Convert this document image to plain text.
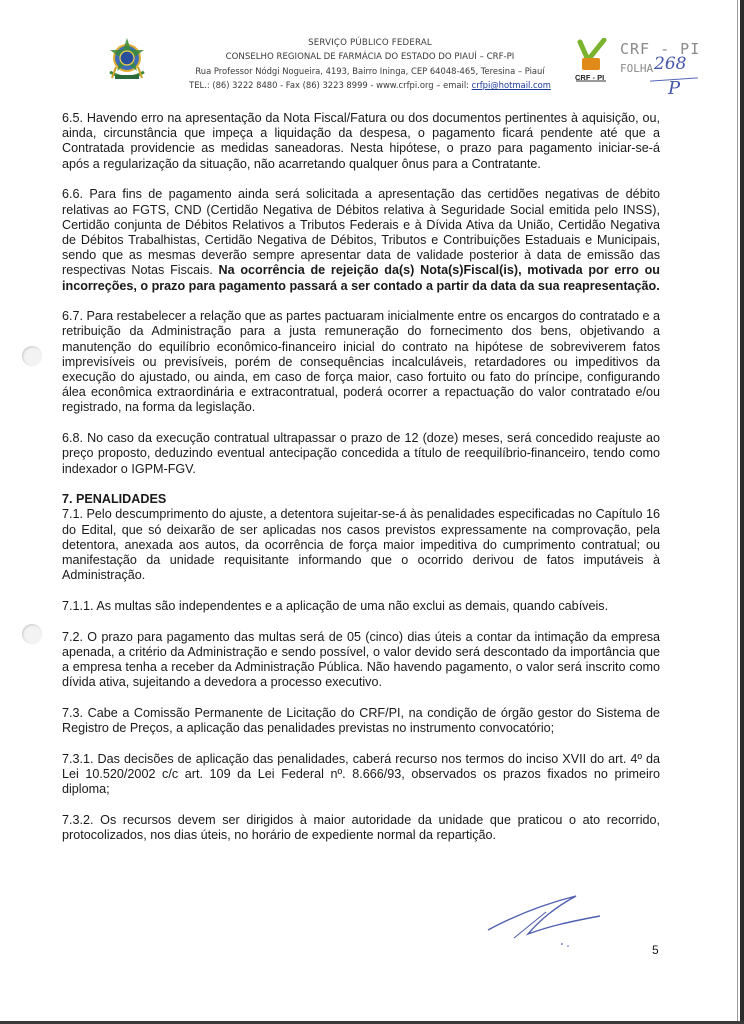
SERVIÇO PÚBLICO FEDERAL
CONSELHO REGIONAL DE FARMÁCIA DO ESTADO DO PIAUÍ – CRF-PI
Rua Professor Nódgi Nogueira, 4193, Bairro Ininga, CEP 64048-465, Teresina – Piauí
TEL.: (86) 3222 8480 - Fax (86) 3223 8999 - www.crfpi.org – email: crfpi@hotmail.com
CRF - PI
CRF - PI
FOLHA 268
P

6.5. Havendo erro na apresentação da Nota Fiscal/Fatura ou dos documentos pertinentes à aquisição, ou, ainda, circunstância que impeça a liquidação da despesa, o pagamento ficará pendente até que a Contratada providencie as medidas saneadoras. Nesta hipótese, o prazo para pagamento iniciar-se-á após a regularização da situação, não acarretando qualquer ônus para a Contratante.

6.6. Para fins de pagamento ainda será solicitada a apresentação das certidões negativas de débito relativas ao FGTS, CND (Certidão Negativa de Débitos relativa à Seguridade Social emitida pelo INSS), Certidão conjunta de Débitos Relativos a Tributos Federais e à Dívida Ativa da União, Certidão Negativa de Débitos Trabalhistas, Certidão Negativa de Débitos, Tributos e Contribuições Estaduais e Municipais, sendo que as mesmas deverão sempre apresentar data de validade posterior à data de emissão das respectivas Notas Fiscais. Na ocorrência de rejeição da(s) Nota(s)Fiscal(is), motivada por erro ou incorreções, o prazo para pagamento passará a ser contado a partir da data da sua reapresentação.

6.7. Para restabelecer a relação que as partes pactuaram inicialmente entre os encargos do contratado e a retribuição da Administração para a justa remuneração do fornecimento dos bens, objetivando a manutenção do equilíbrio econômico-financeiro inicial do contrato na hipótese de sobreviverem fatos imprevisíveis ou previsíveis, porém de consequências incalculáveis, retardadores ou impeditivos da execução do ajustado, ou ainda, em caso de força maior, caso fortuito ou fato do príncipe, configurando álea econômica extraordinária e extracontratual, poderá ocorrer a repactuação do valor contratado e/ou registrado, na forma da legislação.

6.8. No caso da execução contratual ultrapassar o prazo de 12 (doze) meses, será concedido reajuste ao preço proposto, deduzindo eventual antecipação concedida a título de reequilíbrio-financeiro, tendo como indexador o IGPM-FGV.

7. PENALIDADES

7.1. Pelo descumprimento do ajuste, a detentora sujeitar-se-á às penalidades especificadas no Capítulo 16 do Edital, que só deixarão de ser aplicadas nos casos previstos expressamente na comprovação, pela detentora, anexada aos autos, da ocorrência de força maior impeditiva do cumprimento contratual; ou manifestação da unidade requisitante informando que o ocorrido derivou de fatos imputáveis à Administração.

7.1.1. As multas são independentes e a aplicação de uma não exclui as demais, quando cabíveis.

7.2. O prazo para pagamento das multas será de 05 (cinco) dias úteis a contar da intimação da empresa apenada, a critério da Administração e sendo possível, o valor devido será descontado da importância que a empresa tenha a receber da Administração Pública. Não havendo pagamento, o valor será inscrito como dívida ativa, sujeitando a devedora a processo executivo.

7.3. Cabe a Comissão Permanente de Licitação do CRF/PI, na condição de órgão gestor do Sistema de Registro de Preços, a aplicação das penalidades previstas no instrumento convocatório;

7.3.1. Das decisões de aplicação das penalidades, caberá recurso nos termos do inciso XVII do art. 4º da Lei 10.520/2002 c/c art. 109 da Lei Federal nº. 8.666/93, observados os prazos fixados no primeiro diploma;

7.3.2. Os recursos devem ser dirigidos à maior autoridade da unidade que praticou o ato recorrido, protocolizados, nos dias úteis, no horário de expediente normal da repartição.

5
